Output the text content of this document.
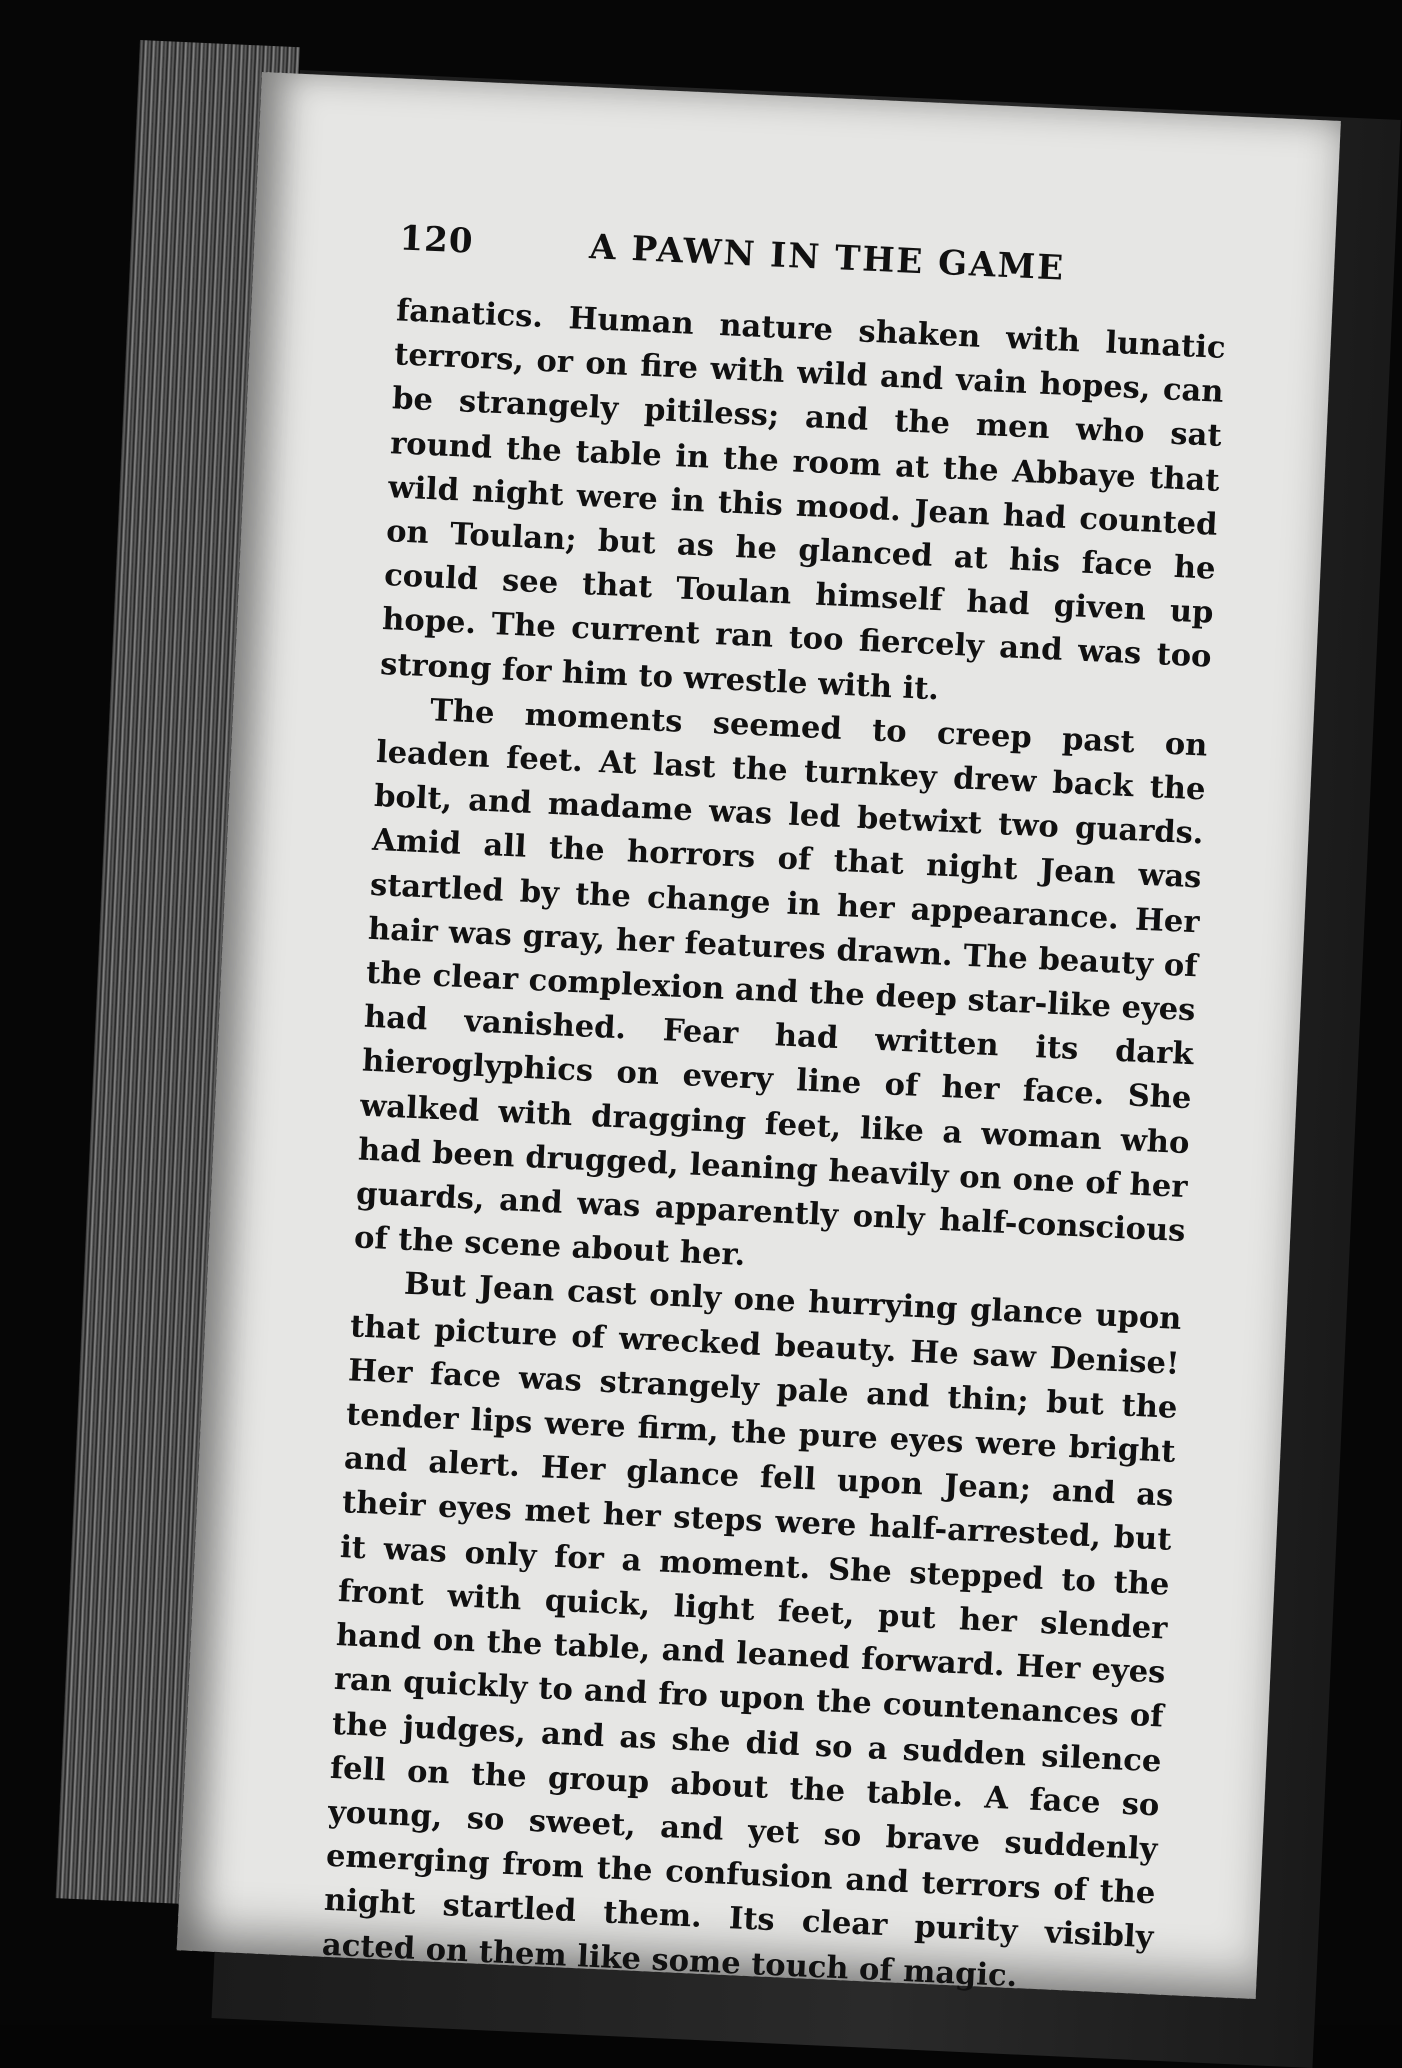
120	A PAWN IN THE GAME

fanatics. Human nature shaken with lunatic terrors, or on fire with wild and vain hopes, can be strangely pitiless; and the men who sat round the table in the room at the Abbaye that wild night were in this mood. Jean had counted on Toulan; but as he glanced at his face he could see that Toulan himself had given up hope. The current ran too fiercely and was too strong for him to wrestle with it.

The moments seemed to creep past on leaden feet. At last the turnkey drew back the bolt, and madame was led betwixt two guards. Amid all the horrors of that night Jean was startled by the change in her appearance. Her hair was gray, her features drawn. The beauty of the clear complexion and the deep star-like eyes had vanished. Fear had written its dark hieroglyphics on every line of her face. She walked with dragging feet, like a woman who had been drugged, leaning heavily on one of her guards, and was apparently only half-conscious of the scene about her.

But Jean cast only one hurrying glance upon that picture of wrecked beauty. He saw Denise! Her face was strangely pale and thin; but the tender lips were firm, the pure eyes were bright and alert. Her glance fell upon Jean; and as their eyes met her steps were half-arrested, but it was only for a moment. She stepped to the front with quick, light feet, put her slender hand on the table, and leaned forward. Her eyes ran quickly to and fro upon the countenances of the judges, and as she did so a sudden silence fell on the group about the table. A face so young, so sweet, and yet so brave suddenly emerging from the confusion and terrors of the night startled them. Its clear purity visibly acted on them like some touch of magic.
